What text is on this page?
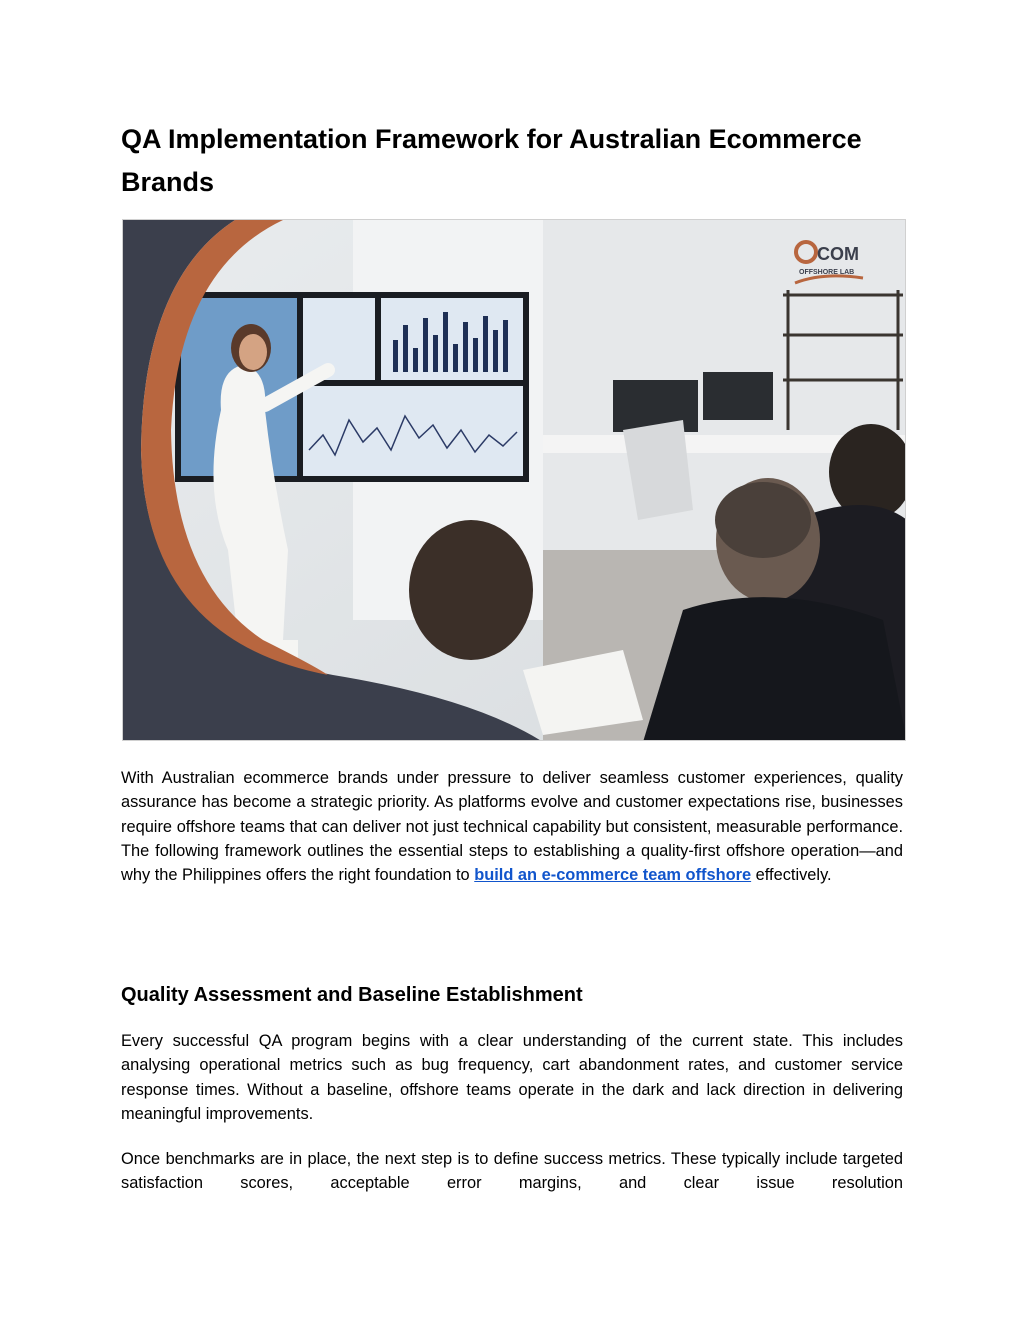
QA Implementation Framework for Australian Ecommerce Brands
COM
OFFSHORE LAB

With Australian ecommerce brands under pressure to deliver seamless customer experiences, quality assurance has become a strategic priority. As platforms evolve and customer expectations rise, businesses require offshore teams that can deliver not just technical capability but consistent, measurable performance. The following framework outlines the essential steps to establishing a quality-first offshore operation—and why the Philippines offers the right foundation to build an e-commerce team offshore effectively.

Quality Assessment and Baseline Establishment

Every successful QA program begins with a clear understanding of the current state. This includes analysing operational metrics such as bug frequency, cart abandonment rates, and customer service response times. Without a baseline, offshore teams operate in the dark and lack direction in delivering meaningful improvements.

Once benchmarks are in place, the next step is to define success metrics. These typically include targeted satisfaction scores, acceptable error margins, and clear issue resolution
